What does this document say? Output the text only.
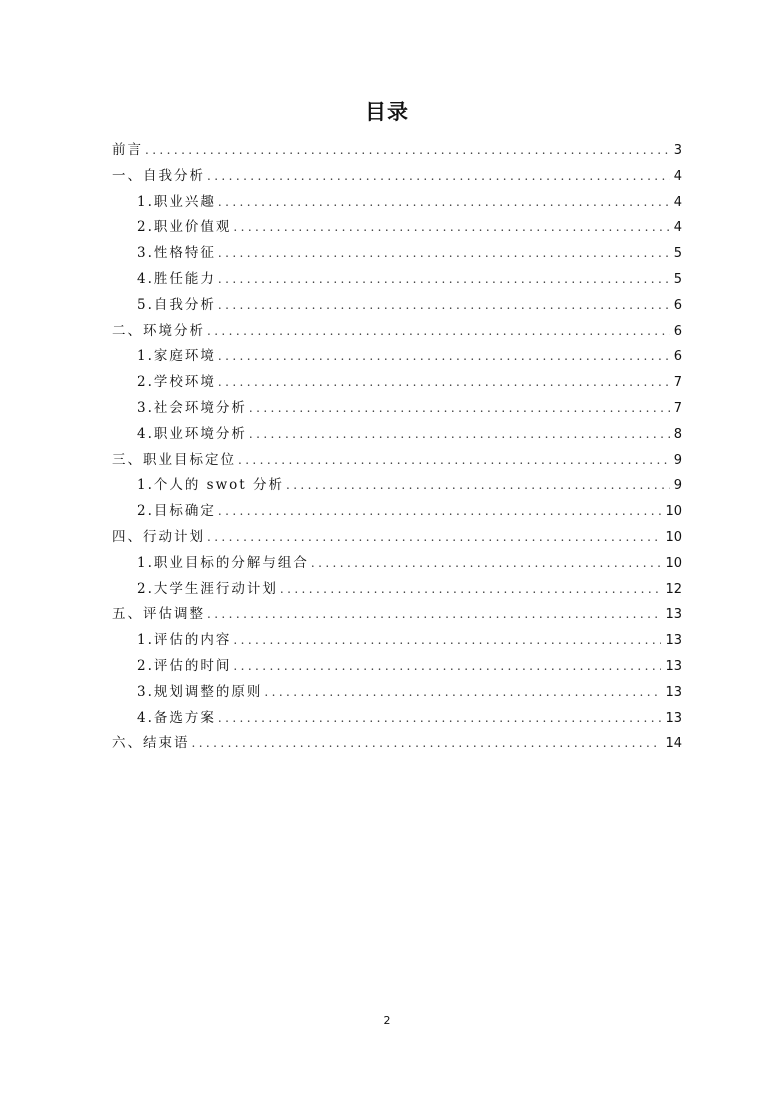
目录
前言 .....	3
一、自我分析 .....	4
1.职业兴趣 .....	4
2.职业价值观 .....	4
3.性格特征 .....	5
4.胜任能力 .....	5
5.自我分析 .....	6
二、环境分析 .....	6
1.家庭环境 .....	6
2.学校环境 .....	7
3.社会环境分析 .....	7
4.职业环境分析 .....	8
三、职业目标定位 .....	9
1.个人的 swot 分析 .....	9
2.目标确定 .....	10
四、行动计划 .....	10
1.职业目标的分解与组合 .....	10
2.大学生涯行动计划 .....	12
五、评估调整 .....	13
1.评估的内容 .....	13
2.评估的时间 .....	13
3.规划调整的原则 .....	13
4.备选方案 .....	13
六、结束语 .....	14
2
